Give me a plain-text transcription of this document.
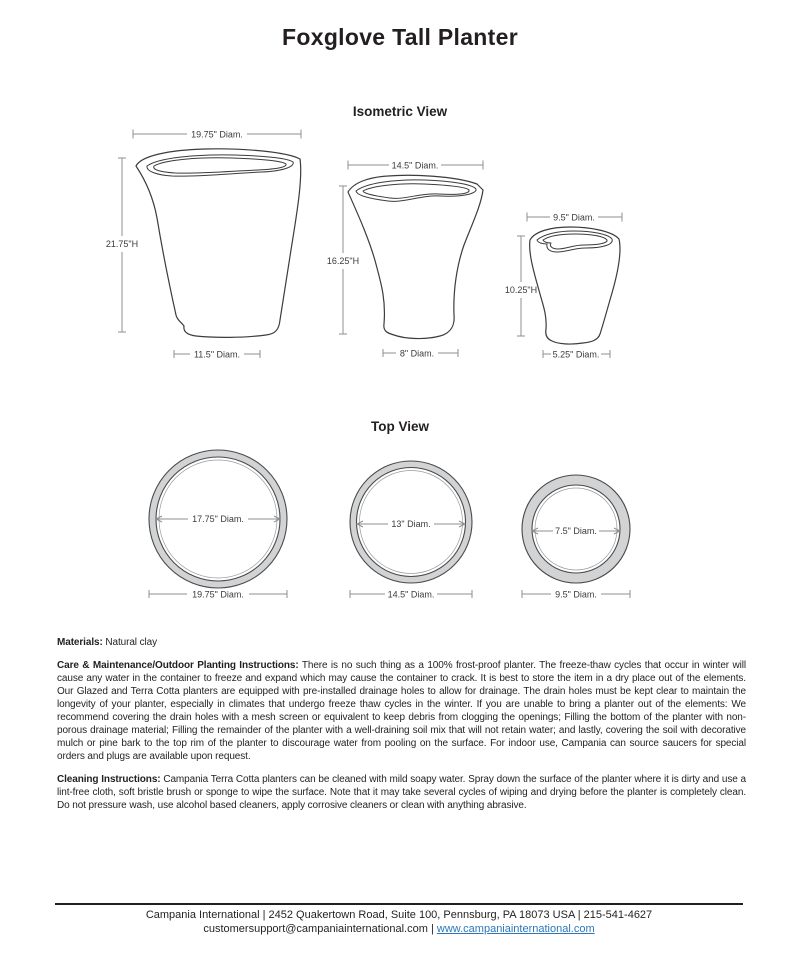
Foxglove Tall Planter
Isometric View
Top View
19.75" Diam.
21.75"H
11.5" Diam.
14.5" Diam.
16.25"H
8" Diam.
9.5" Diam.
10.25"H
5.25" Diam.
17.75" Diam.
19.75" Diam.
13" Diam.
14.5" Diam.
7.5" Diam.
9.5" Diam.

Materials: Natural clay

Care & Maintenance/Outdoor Planting Instructions: There is no such thing as a 100% frost-proof planter. The freeze-thaw cycles that occur in winter will cause any water in the container to freeze and expand which may cause the container to crack. It is best to store the item in a dry place out of the elements. Our Glazed and Terra Cotta planters are equipped with pre-installed drainage holes to allow for drainage. The drain holes must be kept clear to maintain the longevity of your planter, especially in climates that undergo freeze thaw cycles in the winter. If you are unable to bring a planter out of the elements: We recommend covering the drain holes with a mesh screen or equivalent to keep debris from clogging the openings; Filling the bottom of the planter with non-porous drainage material; Filling the remainder of the planter with a well-draining soil mix that will not retain water; and lastly, covering the soil with decorative mulch or pine bark to the top rim of the planter to discourage water from pooling on the surface. For indoor use, Campania can source saucers for special orders and plugs are available upon request.

Cleaning Instructions: Campania Terra Cotta planters can be cleaned with mild soapy water. Spray down the surface of the planter where it is dirty and use a lint-free cloth, soft bristle brush or sponge to wipe the surface. Note that it may take several cycles of wiping and drying before the planter is completely clean. Do not pressure wash, use alcohol based cleaners, apply corrosive cleaners or clean with anything abrasive.

Campania International | 2452 Quakertown Road, Suite 100, Pennsburg, PA 18073 USA | 215-541-4627
customersupport@campaniainternational.com | www.campaniainternational.com
